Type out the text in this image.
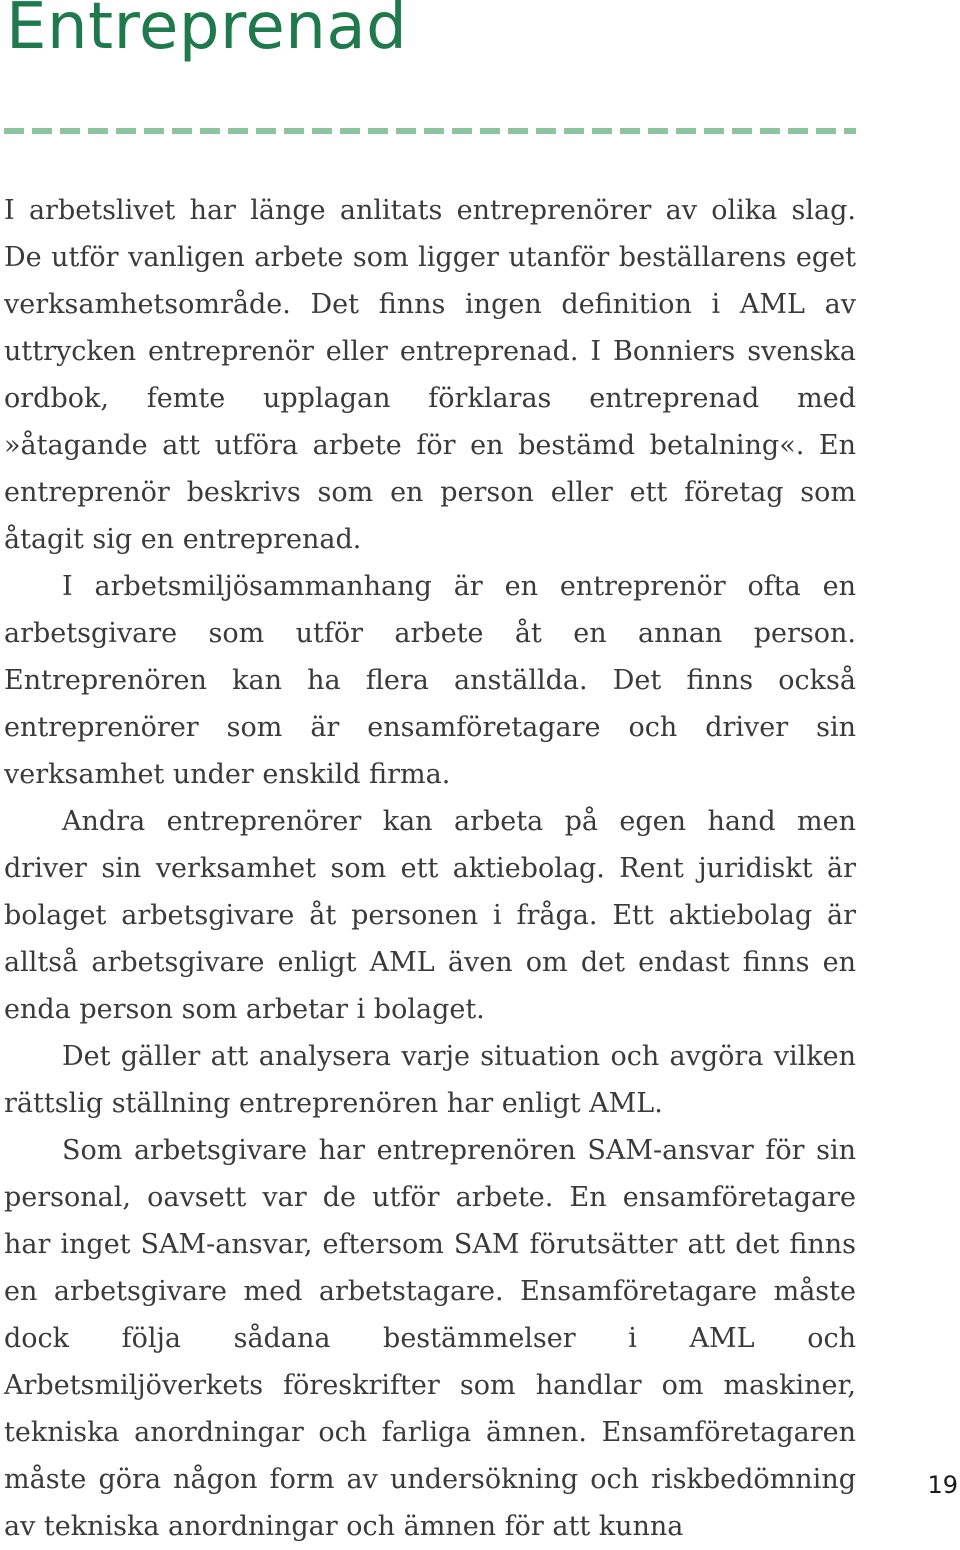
Entreprenad

I arbetslivet har länge anlitats entreprenörer av olika slag. De utför vanligen arbete som ligger utanför beställarens eget verksamhetsområde. Det finns ingen definition i AML av uttrycken entreprenör eller entreprenad. I Bonniers svenska ordbok, femte upplagan förklaras entreprenad med »åtagande att utföra arbete för en bestämd betalning«. En entreprenör beskrivs som en person eller ett företag som åtagit sig en entreprenad.

I arbetsmiljösammanhang är en entreprenör ofta en arbetsgivare som utför arbete åt en annan person. Entreprenören kan ha flera anställda. Det finns också entreprenörer som är ensamföretagare och driver sin verksamhet under enskild firma.

Andra entreprenörer kan arbeta på egen hand men driver sin verksamhet som ett aktiebolag. Rent juridiskt är bolaget arbetsgivare åt personen i fråga. Ett aktiebolag är alltså arbetsgivare enligt AML även om det endast finns en enda person som arbetar i bolaget.

Det gäller att analysera varje situation och avgöra vilken rättslig ställning entreprenören har enligt AML.

Som arbetsgivare har entreprenören SAM-ansvar för sin personal, oavsett var de utför arbete. En ensamföretagare har inget SAM-ansvar, eftersom SAM förutsätter att det finns en arbetsgivare med arbetstagare. Ensamföretagare måste dock följa sådana bestämmelser i AML och Arbetsmiljöverkets föreskrifter som handlar om maskiner, tekniska anordningar och farliga ämnen. Ensamföretagaren måste göra någon form av undersökning och riskbedömning av tekniska anordningar och ämnen för att kunna

19
